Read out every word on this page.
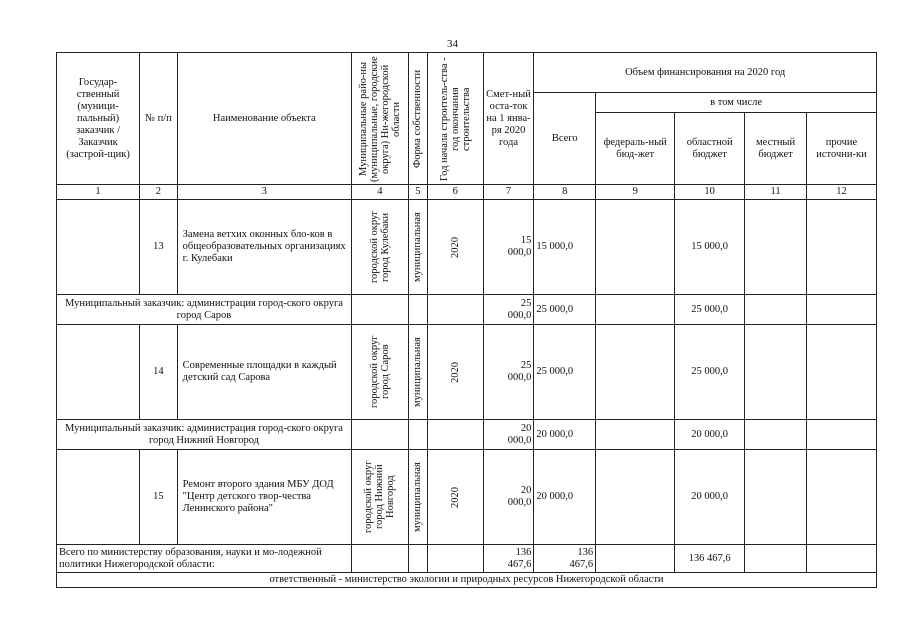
34
Государ-ственный (муници-пальный) заказчик / Заказчик (застрой-щик)	№ п/п	Наименование объекта	Муниципальные райо-ны (муниципальные, городские округа) Ни-жегородской области	Форма собственности	Год начала строитель-ства - год окончания строительства	Смет-ный оста-ток на 1 янва-ря 2020 года	Объем финансирования на 2020 год				
							Всего	в том числе			
								федераль-ный бюд-жет	областной бюджет	местный бюджет	прочие источни-ки
1	2	3	4	5	6	7	8	9	10	11	12
	13	Замена ветхих оконных бло-ков в общеобразовательных организациях г. Кулебаки	городской округ город Кулебаки	муниципальная	2020	15 000,0	15 000,0		15 000,0		
Муниципальный заказчик: администрация город-ского округа город Саров						25 000,0	25 000,0		25 000,0		
	14	Современные площадки в каждый детский сад Сарова	городской округ город Саров	муниципальная	2020	25 000,0	25 000,0		25 000,0		
Муниципальный заказчик: администрация город-ского округа город Нижний Новгород						20 000,0	20 000,0		20 000,0		
	15	Ремонт второго здания МБУ ДОД "Центр детского твор-чества Ленинского района"	городской округ город Нижний Новгород	муниципальная	2020	20 000,0	20 000,0		20 000,0		
Всего по министерству образования, науки и мо-лодежной политики Нижегородской области:						136 467,6	136 467,6		136 467,6		
ответственный - министерство экологии и природных ресурсов Нижегородской области											
